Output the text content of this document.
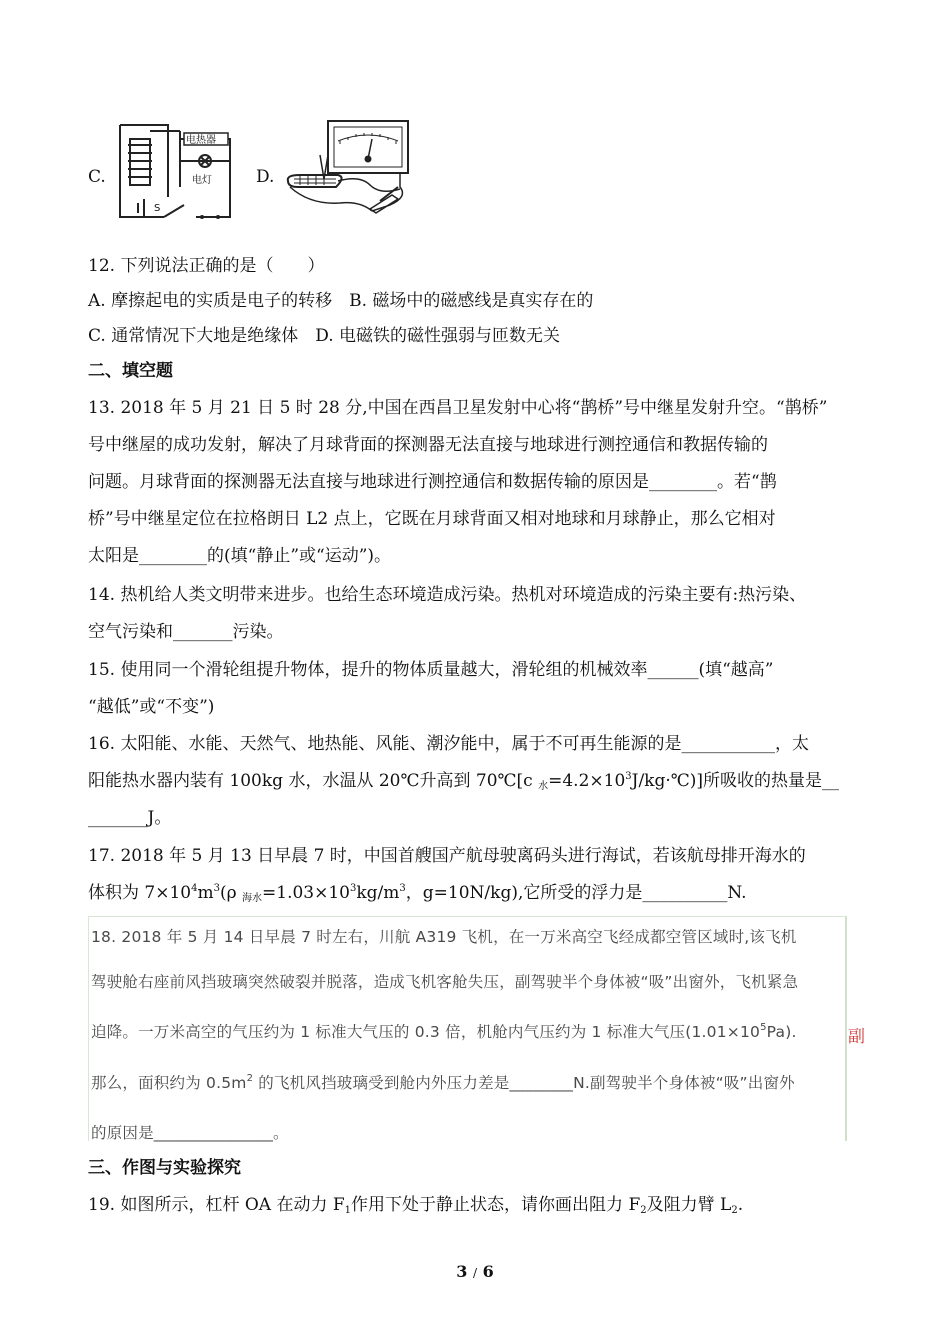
C.
电热器
电灯
S
D.
12. 下列说法正确的是（　　）
A. 摩擦起电的实质是电子的转移　B. 磁场中的磁感线是真实存在的
C. 通常情况下大地是绝缘体　D. 电磁铁的磁性强弱与匝数无关
二、填空题
13. 2018 年 5 月 21 日 5 时 28 分,中国在西昌卫星发射中心将“鹊桥”号中继星发射升空。“鹊桥”
号中继屋的成功发射，解决了月球背面的探测器无法直接与地球进行测控通信和教据传输的
问题。月球背面的探测器无法直接与地球进行测控通信和数据传输的原因是________。若“鹊
桥”号中继星定位在拉格朗日 L2 点上，它既在月球背面又相对地球和月球静止，那么它相对
太阳是________的(填“静止”或“运动”)。
14. 热机给人类文明带来进步。也给生态环境造成污染。热机对环境造成的污染主要有:热污染、
空气污染和_______污染。
15. 使用同一个滑轮组提升物体，提升的物体质量越大，滑轮组的机械效率______(填“越高”
“越低”或“不变”)
16. 太阳能、水能、天然气、地热能、风能、潮汐能中，属于不可再生能源的是___________，太
阳能热水器内装有 100kg 水，水温从 20℃升高到 70℃[c $_水=4.2\times 10^3J/kg\cdot℃$)]所吸收的热量是__
_______J。
17. 2018 年 5 月 13 日早晨 7 时，中国首艘国产航母驶离码头进行海试，若该航母排开海水的
体积为 $7\times 10^4m^3(\rho$ $_{海水}=1.03\times 10^3kg/m^3$，g=10N/kg),它所受的浮力是__________N.
18. 2018 年 5 月 14 日早晨 7 时左右，川航 A319 飞机，在一万米高空飞经成都空管区域时,该飞机
驾驶舱右座前风挡玻璃突然破裂并脱落，造成飞机客舱失压，副驾驶半个身体被“吸”出窗外，飞机紧急
迫降。一万米高空的气压约为 1 标准大气压的 0.3 倍，机舱内气压约为 1 标准大气压$(1.01\times 10^5Pa)$.
那么，面积约为 $0.5m^2$ 的飞机风挡玻璃受到舱内外压力差是________N.副驾驶半个身体被“吸”出窗外
的原因是_______________。
副
三、作图与实验探究
19. 如图所示，杠杆 OA 在动力 $F_1$作用下处于静止状态，请你画出阻力 $F_2$及阻力臂 $L_2$.
3 / 6
